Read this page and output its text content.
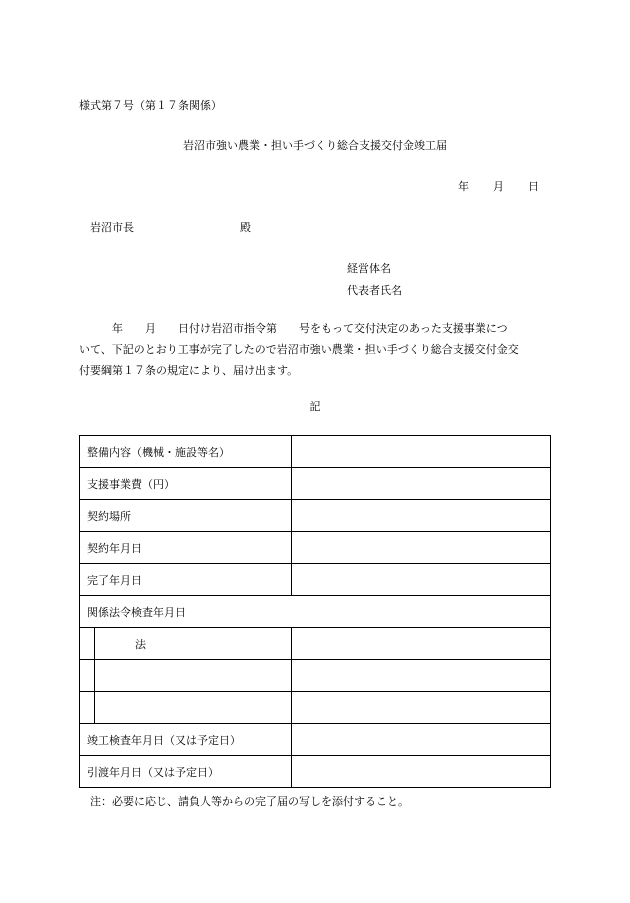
様式第７号（第１７条関係）
岩沼市強い農業・担い手づくり総合支援交付金竣工届
年 月 日
岩沼市長	殿
経営体名
代表者氏名

　　　年　　月　　日付け岩沼市指令第　　号をもって交付決定のあった支援事業につ

いて、下記のとおり工事が完了したので岩沼市強い農業・担い手づくり総合支援交付金交

付要綱第１７条の規定により、届け出ます。

記
整備内容（機械・施設等名）	
支援事業費（円）	
契約場所	
契約年月日	
完了年月日	
関係法令検査年月日	

法	

竣工検査年月日（又は予定日）	
引渡年月日（又は予定日）	
注：必要に応じ、請負人等からの完了届の写しを添付すること。
